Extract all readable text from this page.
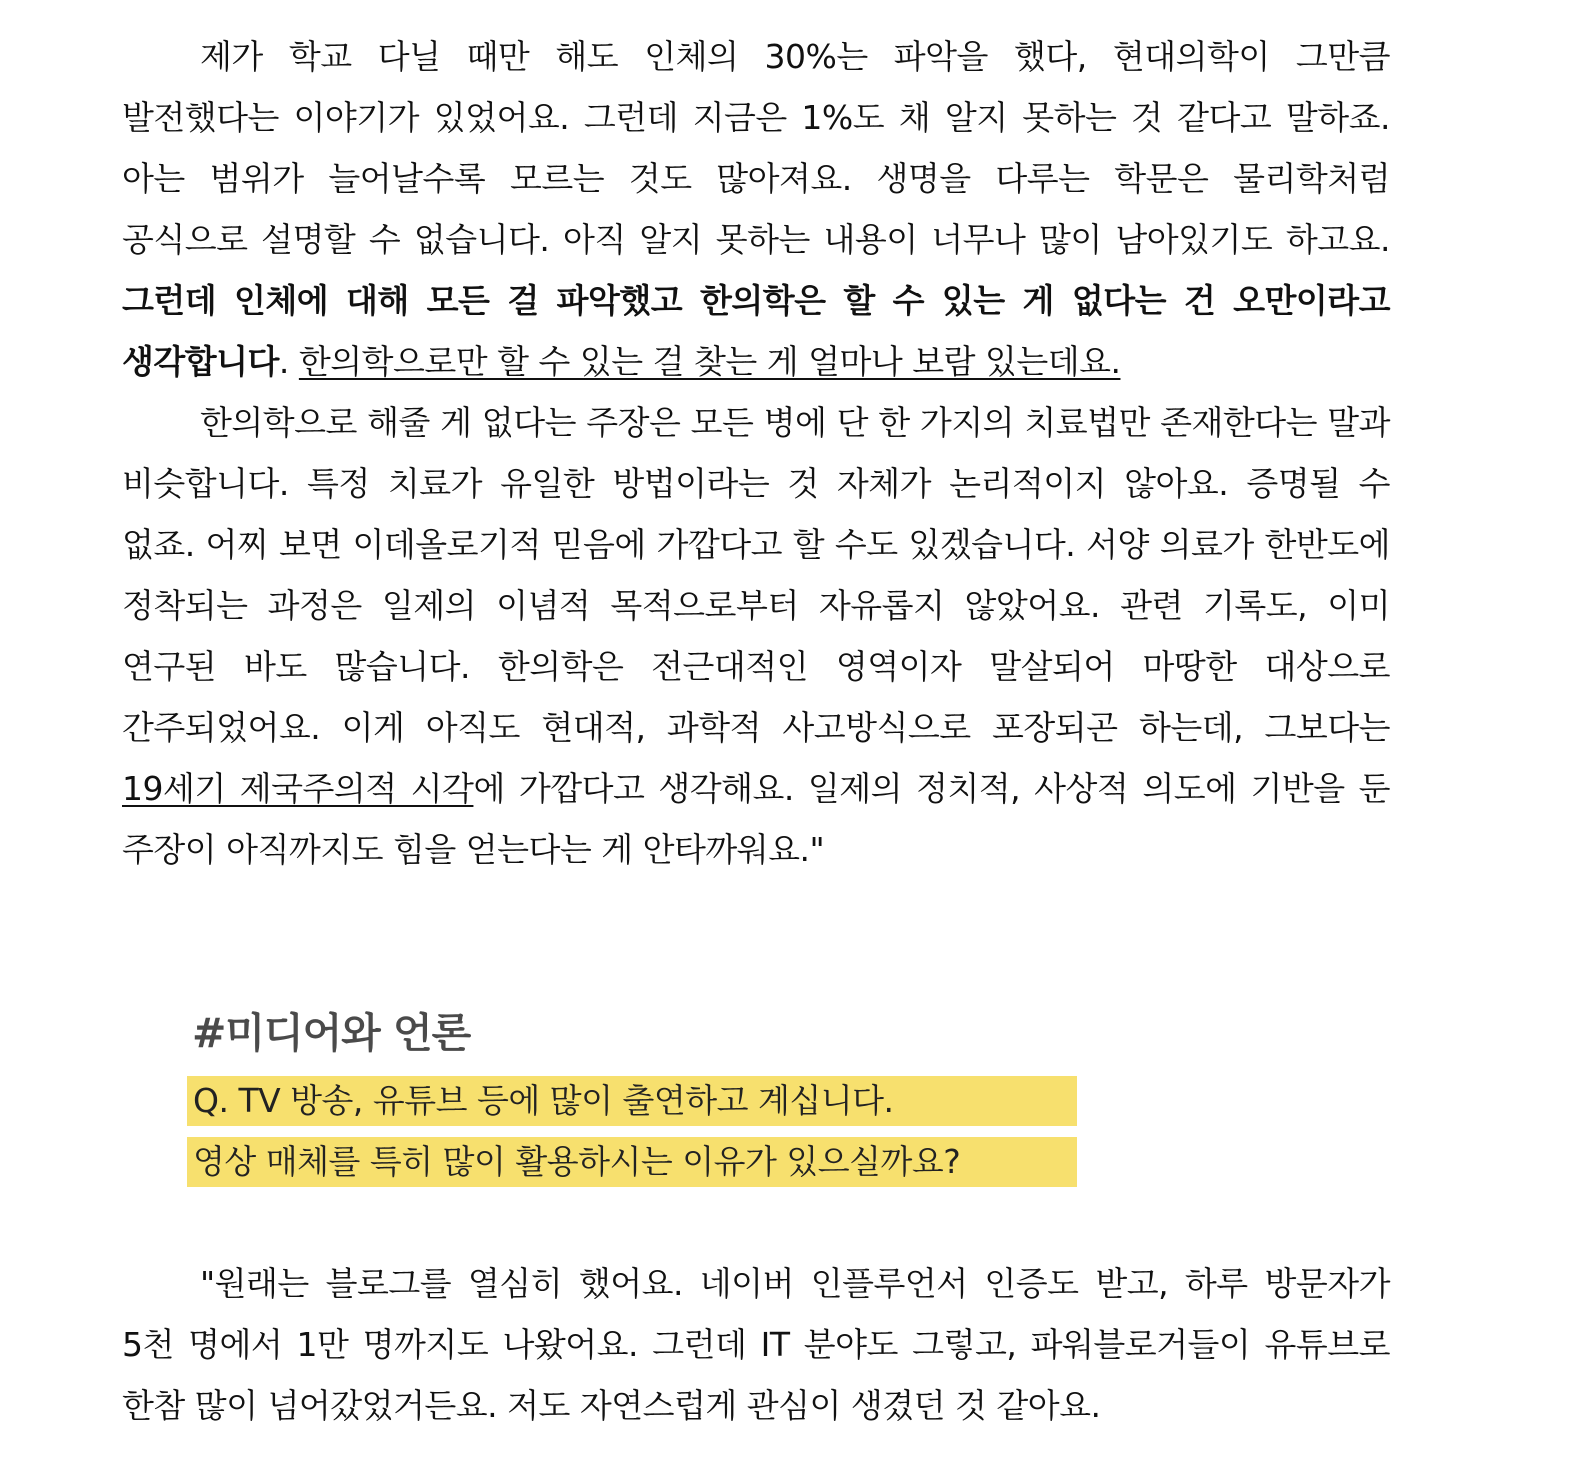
제가 학교 다닐 때만 해도 인체의 30%는 파악을 했다, 현대의학이 그만큼 발전했다는 이야기가 있었어요. 그런데 지금은 1%도 채 알지 못하는 것 같다고 말하죠. 아는 범위가 늘어날수록 모르는 것도 많아져요. 생명을 다루는 학문은 물리학처럼 공식으로 설명할 수 없습니다. 아직 알지 못하는 내용이 너무나 많이 남아있기도 하고요. 그런데 인체에 대해 모든 걸 파악했고 한의학은 할 수 있는 게 없다는 건 오만이라고 생각합니다. 한의학으로만 할 수 있는 걸 찾는 게 얼마나 보람 있는데요.

한의학으로 해줄 게 없다는 주장은 모든 병에 단 한 가지의 치료법만 존재한다는 말과 비슷합니다. 특정 치료가 유일한 방법이라는 것 자체가 논리적이지 않아요. 증명될 수 없죠. 어찌 보면 이데올로기적 믿음에 가깝다고 할 수도 있겠습니다. 서양 의료가 한반도에 정착되는 과정은 일제의 이념적 목적으로부터 자유롭지 않았어요. 관련 기록도, 이미 연구된 바도 많습니다. 한의학은 전근대적인 영역이자 말살되어 마땅한 대상으로 간주되었어요. 이게 아직도 현대적, 과학적 사고방식으로 포장되곤 하는데, 그보다는 19세기 제국주의적 시각에 가깝다고 생각해요. 일제의 정치적, 사상적 의도에 기반을 둔 주장이 아직까지도 힘을 얻는다는 게 안타까워요."

#미디어와 언론
Q. TV 방송, 유튜브 등에 많이 출연하고 계십니다.
영상 매체를 특히 많이 활용하시는 이유가 있으실까요?

"원래는 블로그를 열심히 했어요. 네이버 인플루언서 인증도 받고, 하루 방문자가 5천 명에서 1만 명까지도 나왔어요. 그런데 IT 분야도 그렇고, 파워블로거들이 유튜브로 한참 많이 넘어갔었거든요. 저도 자연스럽게 관심이 생겼던 것 같아요.
